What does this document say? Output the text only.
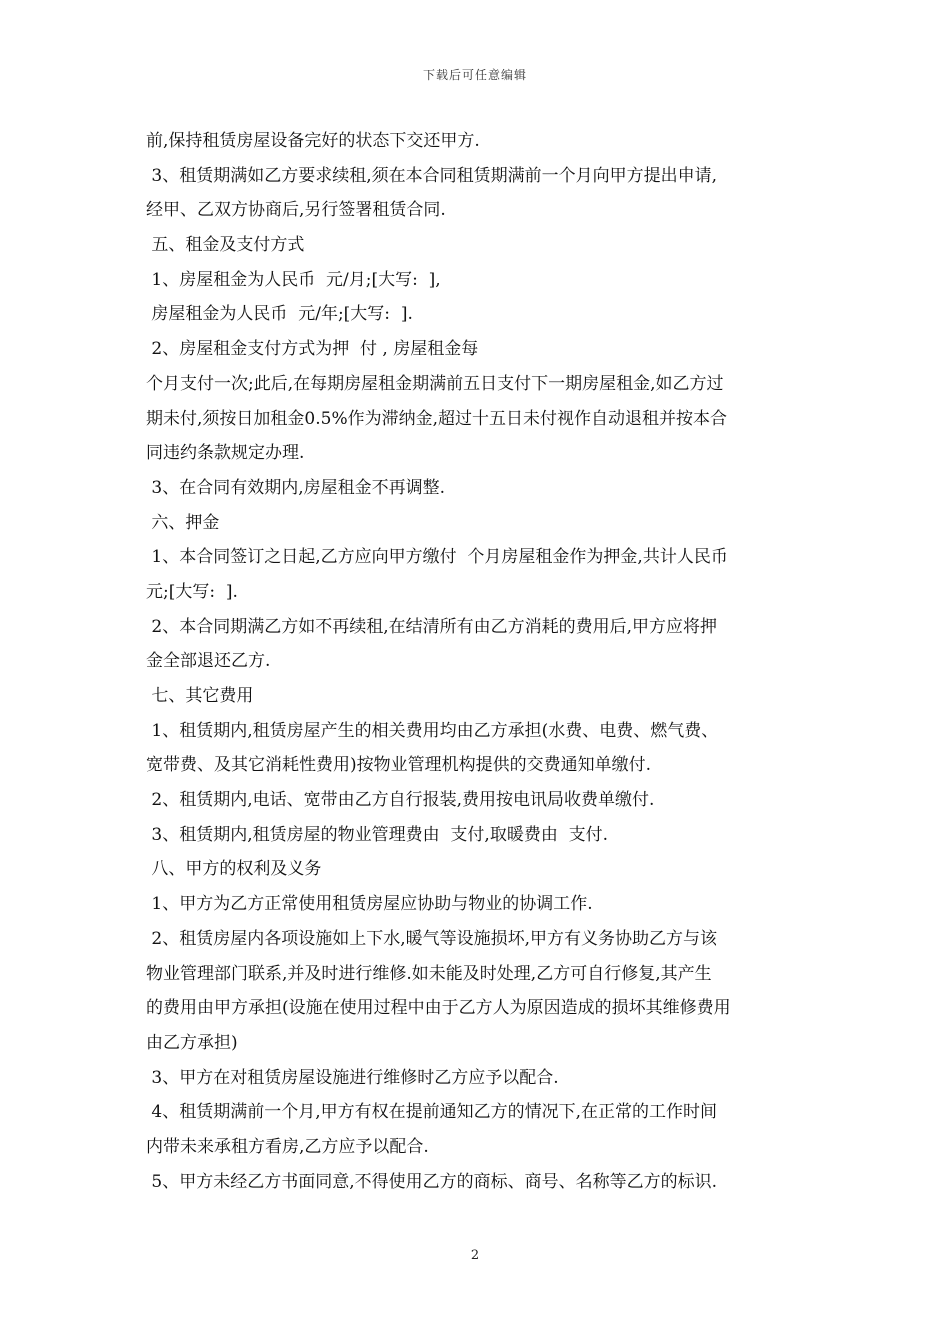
下载后可任意编辑
前,保持租赁房屋设备完好的状态下交还甲方.
3、租赁期满如乙方要求续租,须在本合同租赁期满前一个月向甲方提出申请,
经甲、乙双方协商后,另行签署租赁合同.
五、租金及支付方式
1、房屋租金为人民币  元/月;[大写:  ],
房屋租金为人民币  元/年;[大写:  ].
2、房屋租金支付方式为押  付 , 房屋租金每
个月支付一次;此后,在每期房屋租金期满前五日支付下一期房屋租金,如乙方过
期未付,须按日加租金0.5%作为滞纳金,超过十五日未付视作自动退租并按本合
同违约条款规定办理.
3、在合同有效期内,房屋租金不再调整.
六、押金
1、本合同签订之日起,乙方应向甲方缴付  个月房屋租金作为押金,共计人民币
元;[大写:  ].
2、本合同期满乙方如不再续租,在结清所有由乙方消耗的费用后,甲方应将押
金全部退还乙方.
七、其它费用
1、租赁期内,租赁房屋产生的相关费用均由乙方承担(水费、电费、燃气费、
宽带费、及其它消耗性费用)按物业管理机构提供的交费通知单缴付.
2、租赁期内,电话、宽带由乙方自行报装,费用按电讯局收费单缴付.
3、租赁期内,租赁房屋的物业管理费由  支付,取暖费由  支付.
八、甲方的权利及义务
1、甲方为乙方正常使用租赁房屋应协助与物业的协调工作.
2、租赁房屋内各项设施如上下水,暖气等设施损坏,甲方有义务协助乙方与该
物业管理部门联系,并及时进行维修.如未能及时处理,乙方可自行修复,其产生
的费用由甲方承担(设施在使用过程中由于乙方人为原因造成的损坏其维修费用
由乙方承担)
3、甲方在对租赁房屋设施进行维修时乙方应予以配合.
4、租赁期满前一个月,甲方有权在提前通知乙方的情况下,在正常的工作时间
内带未来承租方看房,乙方应予以配合.
5、甲方未经乙方书面同意,不得使用乙方的商标、商号、名称等乙方的标识.
2
